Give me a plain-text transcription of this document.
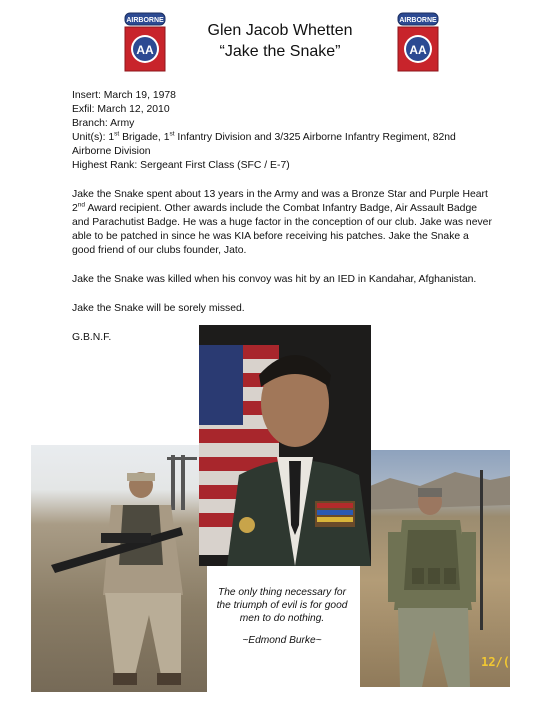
AIRBORNE
AA
AIRBORNE
AA
Glen Jacob Whetten
“Jake the Snake”

Insert: March 19, 1978

Exfil: March 12, 2010

Branch: Army

Unit(s): 1st Brigade, 1st Infantry Division and 3/325 Airborne Infantry Regiment, 82nd Airborne Division

Highest Rank: Sergeant First Class (SFC / E-7)

Jake the Snake spent about 13 years in the Army and was a Bronze Star and Purple Heart 2nd Award recipient. Other awards include the Combat Infantry Badge, Air Assault Badge and Parachutist Badge. He was a huge factor in the conception of our club. Jake was never able to be patched in since he was KIA before receiving his patches. Jake the Snake a good friend of our clubs founder, Jato.

Jake the Snake was killed when his convoy was hit by an IED in Kandahar, Afghanistan.

Jake the Snake will be sorely missed.

G.B.N.F.

12/(
The only thing necessary for the triumph of evil is for good men to do nothing.
~Edmond Burke~
